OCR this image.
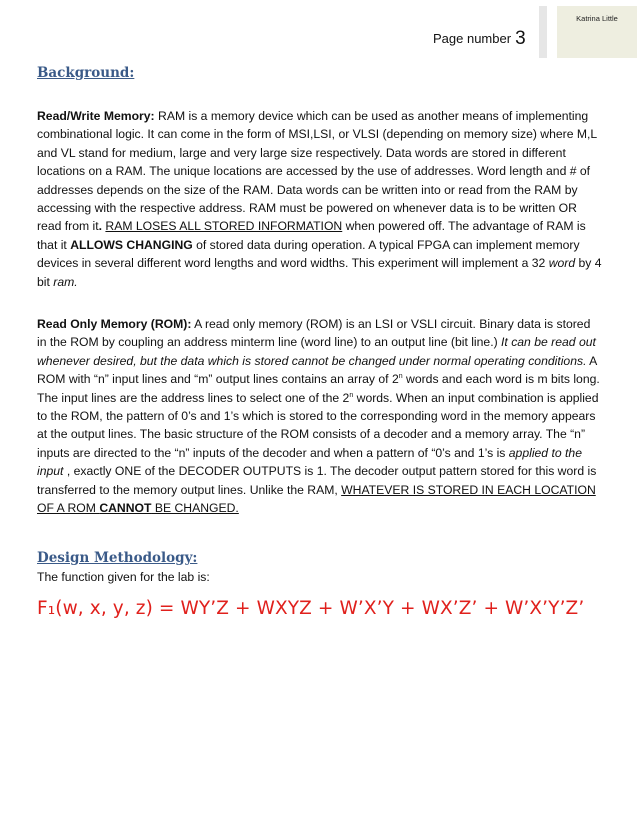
Katrina Little
Page number 3
Background:

Read/Write Memory: RAM is a memory device which can be used as another means of implementing combinational logic. It can come in the form of MSI,LSI, or VLSI (depending on memory size) where M,L and VL stand for medium, large and very large size respectively. Data words are stored in different locations on a RAM. The unique locations are accessed by the use of addresses. Word length and # of addresses depends on the size of the RAM. Data words can be written into or read from the RAM by accessing with the respective address. RAM must be powered on whenever data is to be written OR read from it. RAM LOSES ALL STORED INFORMATION when powered off. The advantage of RAM is that it ALLOWS CHANGING of stored data during operation. A typical FPGA can implement memory devices in several different word lengths and word widths. This experiment will implement a 32 word by 4 bit ram.

Read Only Memory (ROM): A read only memory (ROM) is an LSI or VSLI circuit. Binary data is stored in the ROM by coupling an address minterm line (word line) to an output line (bit line.) It can be read out whenever desired, but the data which is stored cannot be changed under normal operating conditions. A ROM with “n” input lines and “m” output lines contains an array of 2$^n$ words and each word is m bits long. The input lines are the address lines to select one of the 2$^n$ words. When an input combination is applied to the ROM, the pattern of 0’s and 1’s which is stored to the corresponding word in the memory appears at the output lines. The basic structure of the ROM consists of a decoder and a memory array. The “n” inputs are directed to the “n” inputs of the decoder and when a pattern of “0’s and 1’s is applied to the input , exactly ONE of the DECODER OUTPUTS is 1. The decoder output pattern stored for this word is transferred to the memory output lines. Unlike the RAM, WHATEVER IS STORED IN EACH LOCATION OF A ROM CANNOT BE CHANGED.

Design Methodology:

The function given for the lab is:

F₁(w, x, y, z) = WY’Z + WXYZ + W’X’Y + WX’Z’ + W’X’Y’Z’
